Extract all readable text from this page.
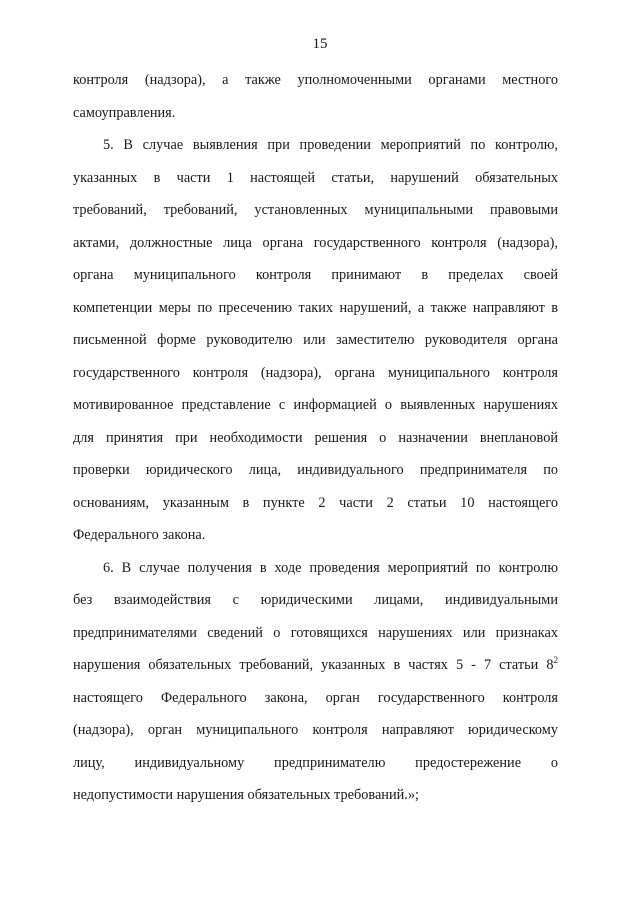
15
контроля (надзора), а также уполномоченными органами местного
самоуправления.
5. В случае выявления при проведении мероприятий по контролю,
указанных в части 1 настоящей статьи, нарушений обязательных
требований, требований, установленных муниципальными правовыми
актами, должностные лица органа государственного контроля (надзора),
органа муниципального контроля принимают в пределах своей
компетенции меры по пресечению таких нарушений, а также направляют в
письменной форме руководителю или заместителю руководителя органа
государственного контроля (надзора), органа муниципального контроля
мотивированное представление с информацией о выявленных нарушениях
для принятия при необходимости решения о назначении внеплановой
проверки юридического лица, индивидуального предпринимателя по
основаниям, указанным в пункте 2 части 2 статьи 10 настоящего
Федерального закона.
6. В случае получения в ходе проведения мероприятий по контролю
без взаимодействия с юридическими лицами, индивидуальными
предпринимателями сведений о готовящихся нарушениях или признаках
нарушения обязательных требований, указанных в частях 5 - 7 статьи $8^2$
настоящего Федерального закона, орган государственного контроля
(надзора), орган муниципального контроля направляют юридическому
лицу, индивидуальному предпринимателю предостережение о
недопустимости нарушения обязательных требований.»;
